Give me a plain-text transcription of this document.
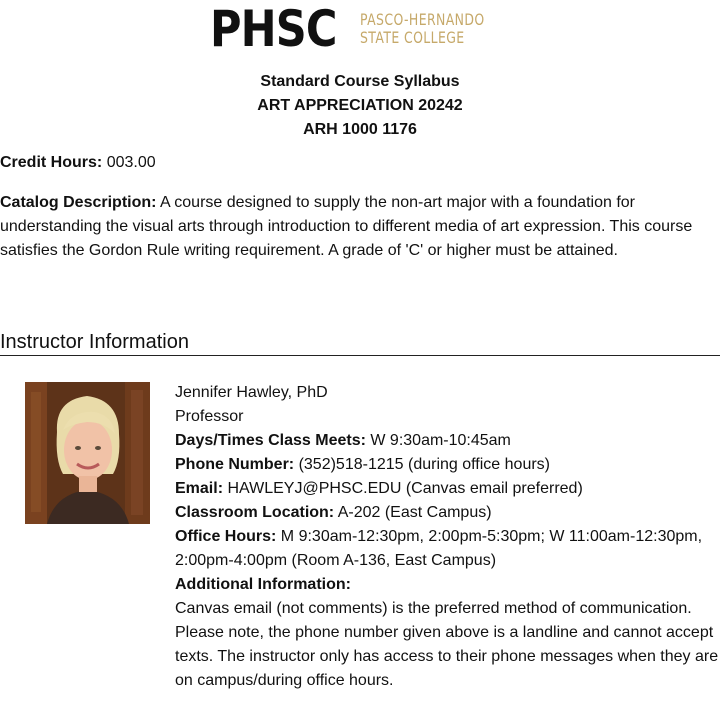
PHSC PASCO-HERNANDO
STATE COLLEGE
Standard Course Syllabus
ART APPRECIATION 20242
ARH 1000 1176
Credit Hours: 003.00
Catalog Description: A course designed to supply the non-art major with a foundation for understanding the visual arts through introduction to different media of art expression. This course satisfies the Gordon Rule writing requirement. A grade of 'C' or higher must be attained.
Instructor Information
Jennifer Hawley, PhD
Professor
Days/Times Class Meets: W 9:30am-10:45am
Phone Number: (352)518-1215 (during office hours)
Email: HAWLEYJ@PHSC.EDU (Canvas email preferred)
Classroom Location: A-202 (East Campus)
Office Hours: M 9:30am-12:30pm, 2:00pm-5:30pm; W 11:00am-12:30pm, 2:00pm-4:00pm (Room A-136, East Campus)
Additional Information:
Canvas email (not comments) is the preferred method of communication. Please note, the phone number given above is a landline and cannot accept texts. The instructor only has access to their phone messages when they are on campus/during office hours.
